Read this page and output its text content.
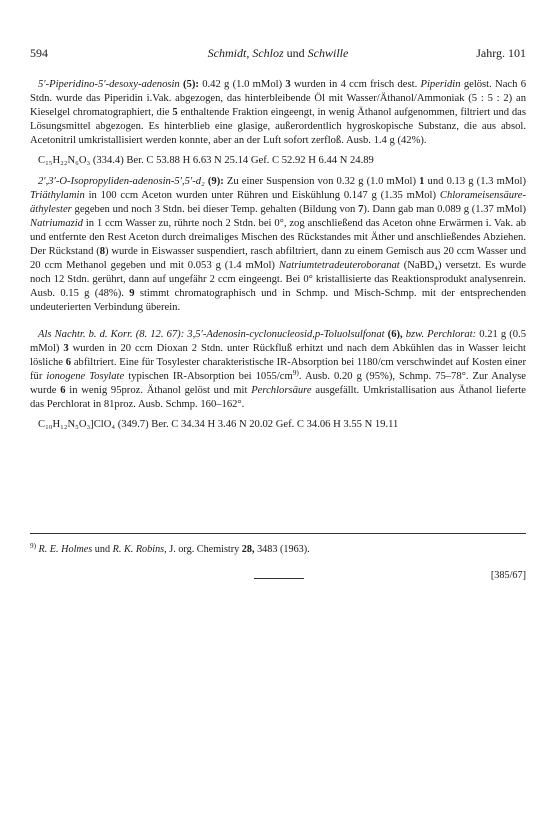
594	Schmidt, Schloz und Schwille	Jahrg. 101

5′-Piperidino-5′-desoxy-adenosin (5): 0.42 g (1.0 mMol) 3 wurden in 4 ccm frisch dest. Piperidin gelöst. Nach 6 Stdn. wurde das Piperidin i.Vak. abgezogen, das hinterbleibende Öl mit Wasser/Äthanol/Ammoniak (5 : 5 : 2) an Kieselgel chromatographiert, die 5 enthaltende Fraktion eingeengt, in wenig Äthanol aufgenommen, filtriert und das Lösungsmittel abgezogen. Es hinterblieb eine glasige, außerordentlich hygroskopische Substanz, die aus absol. Acetonitril umkristallisiert werden konnte, aber an der Luft sofort zerfloß. Ausb. 1.4 g (42%).

C₁₅H₂₂N₆O₃ (334.4) Ber. C 53.88 H 6.63 N 25.14 Gef. C 52.92 H 6.44 N 24.89

2′,3′-O-Isopropyliden-adenosin-5′,5′-d₂ (9): Zu einer Suspension von 0.32 g (1.0 mMol) 1 und 0.13 g (1.3 mMol) Triäthylamin in 100 ccm Aceton wurden unter Rühren und Eiskühlung 0.147 g (1.35 mMol) Chlorameisensäure-äthylester gegeben und noch 3 Stdn. bei dieser Temp. gehalten (Bildung von 7). Dann gab man 0.089 g (1.37 mMol) Natriumazid in 1 ccm Wasser zu, rührte noch 2 Stdn. bei 0°, zog anschließend das Aceton ohne Erwärmen i. Vak. ab und entfernte den Rest Aceton durch dreimaliges Mischen des Rückstandes mit Äther und anschließendes Abziehen. Der Rückstand (8) wurde in Eiswasser suspendiert, rasch abfiltriert, dann zu einem Gemisch aus 20 ccm Wasser und 20 ccm Methanol gegeben und mit 0.053 g (1.4 mMol) Natriumtetradeuteroboranat (NaBD₄) versetzt. Es wurde noch 12 Stdn. gerührt, dann auf ungefähr 2 ccm eingeengt. Bei 0° kristallisierte das Reaktionsprodukt analysenrein. Ausb. 0.15 g (48%). 9 stimmt chromatographisch und in Schmp. und Misch-Schmp. mit der entsprechenden undeuterierten Verbindung überein.

Als Nachtr. b. d. Korr. (8. 12. 67): 3,5′-Adenosin-cyclonucleosid,p-Toluolsulfonat (6), bzw. Perchlorat: 0.21 g (0.5 mMol) 3 wurden in 20 ccm Dioxan 2 Stdn. unter Rückfluß erhitzt und nach dem Abkühlen das in Wasser leicht lösliche 6 abfiltriert. Eine für Tosylester charakteristische IR-Absorption bei 1180/cm verschwindet auf Kosten einer für ionogene Tosylate typischen IR-Absorption bei $1055/cm^{9)}$. Ausb. 0.20 g (95%), Schmp. 75–78°. Zur Analyse wurde 6 in wenig 95proz. Äthanol gelöst und mit Perchlorsäure ausgefällt. Umkristallisation aus Äthanol lieferte das Perchlorat in 81proz. Ausb. Schmp. 160–162°.

C₁₀H₁₂N₅O₃]ClO₄ (349.7) Ber. C 34.34 H 3.46 N 20.02 Gef. C 34.06 H 3.55 N 19.11

$^{9)}$ R. E. Holmes und R. K. Robins, J. org. Chemistry 28, 3483 (1963).
[385/67]
